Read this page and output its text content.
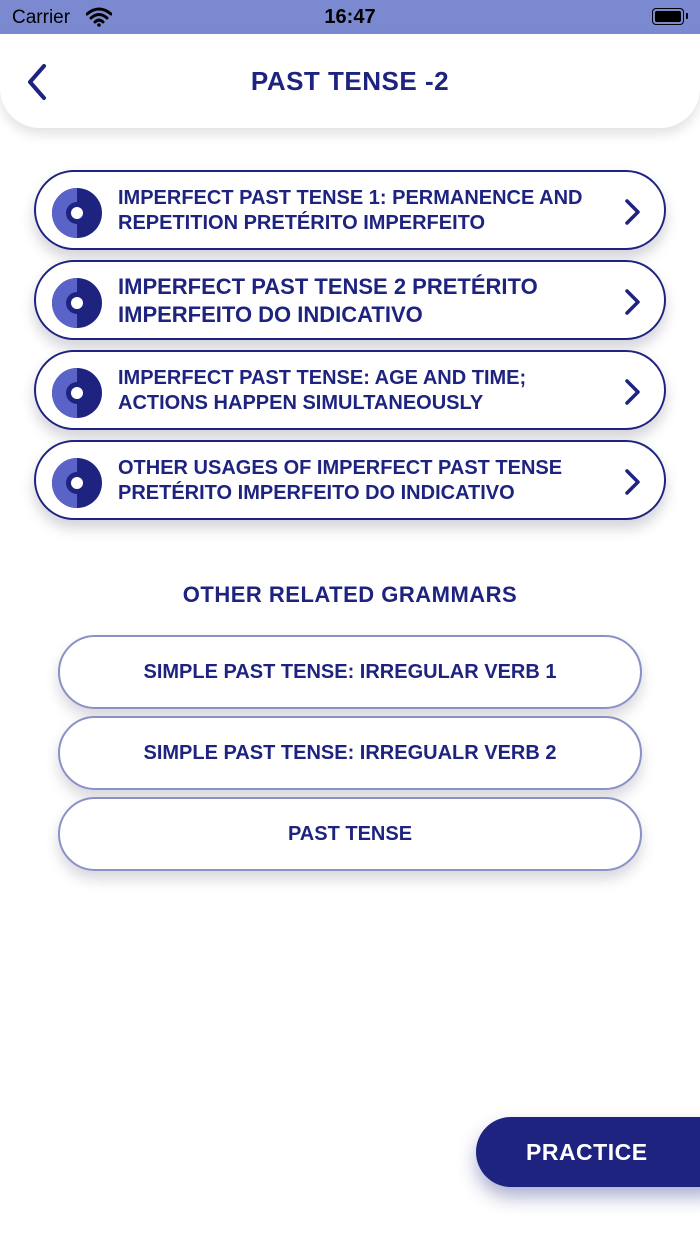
Carrier	16:47
PAST TENSE -2
IMPERFECT PAST TENSE 1: PERMANENCE AND REPETITION PRETÉRITO IMPERFEITO
IMPERFECT PAST TENSE 2 PRETÉRITO IMPERFEITO DO INDICATIVO
IMPERFECT PAST TENSE: AGE AND TIME; ACTIONS HAPPEN SIMULTANEOUSLY
OTHER USAGES OF IMPERFECT PAST TENSE PRETÉRITO IMPERFEITO DO INDICATIVO
OTHER RELATED GRAMMARS
SIMPLE PAST TENSE: IRREGULAR VERB 1
SIMPLE PAST TENSE: IRREGUALR VERB 2
PAST TENSE
PRACTICE
